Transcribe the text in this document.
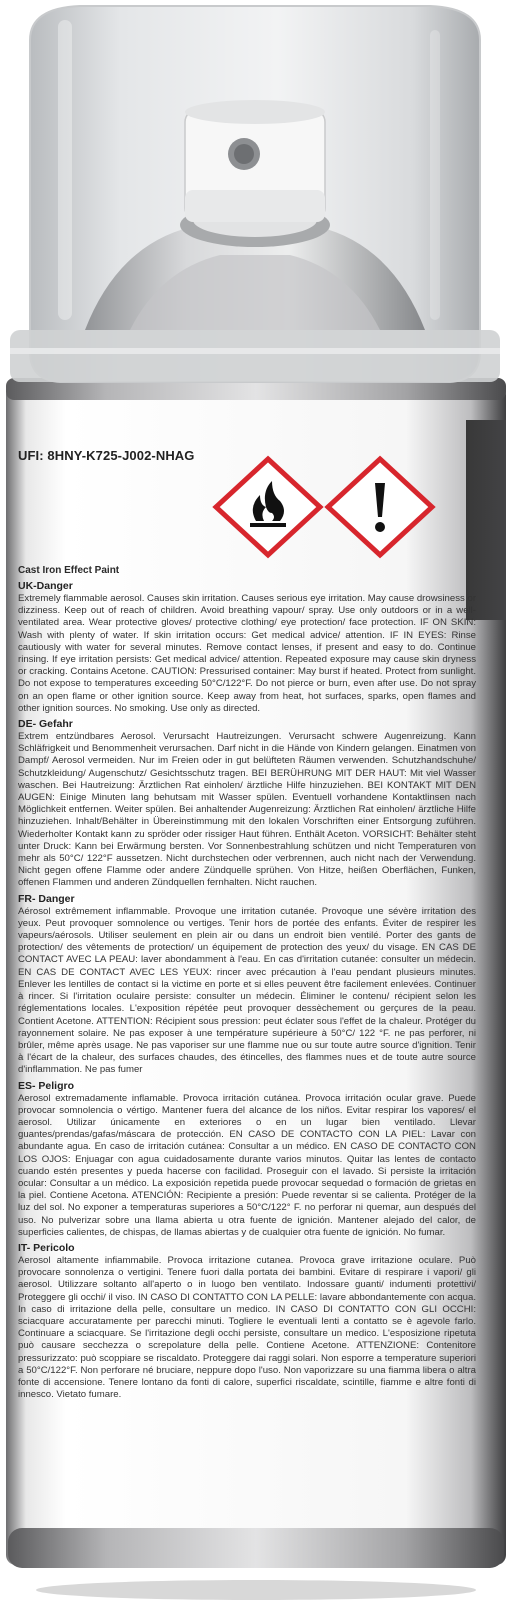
UFI: 8HNY-K725-J002-NHAG
Cast Iron Effect Paint
UK-Danger
Extremely flammable aerosol. Causes skin irritation. Causes serious eye irritation. May cause drowsiness or dizziness. Keep out of reach of children. Avoid breathing vapour/ spray. Use only outdoors or in a well-ventilated area. Wear protective gloves/ protective clothing/ eye protection/ face protection. IF ON SKIN: Wash with plenty of water. If skin irritation occurs: Get medical advice/ attention. IF IN EYES: Rinse cautiously with water for several minutes. Remove contact lenses, if present and easy to do. Continue rinsing. If eye irritation persists: Get medical advice/ attention. Repeated exposure may cause skin dryness or cracking. Contains Acetone. CAUTION: Pressurised container: May burst if heated. Protect from sunlight. Do not expose to temperatures exceeding 50°C/122°F. Do not pierce or burn, even after use. Do not spray on an open flame or other ignition source. Keep away from heat, hot surfaces, sparks, open flames and other ignition sources. No smoking. Use only as directed.
DE- Gefahr
Extrem entzündbares Aerosol. Verursacht Hautreizungen. Verursacht schwere Augenreizung. Kann Schläfrigkeit und Benommenheit verursachen. Darf nicht in die Hände von Kindern gelangen. Einatmen von Dampf/ Aerosol vermeiden. Nur im Freien oder in gut belüfteten Räumen verwenden. Schutzhandschuhe/ Schutzkleidung/ Augenschutz/ Gesichtsschutz tragen. BEI BERÜHRUNG MIT DER HAUT: Mit viel Wasser waschen. Bei Hautreizung: Ärztlichen Rat einholen/ ärztliche Hilfe hinzuziehen. BEI KONTAKT MIT DEN AUGEN: Einige Minuten lang behutsam mit Wasser spülen. Eventuell vorhandene Kontaktlinsen nach Möglichkeit entfernen. Weiter spülen. Bei anhaltender Augenreizung: Ärztlichen Rat einholen/ ärztliche Hilfe hinzuziehen. Inhalt/Behälter in Übereinstimmung mit den lokalen Vorschriften einer Entsorgung zuführen. Wiederholter Kontakt kann zu spröder oder rissiger Haut führen. Enthält Aceton. VORSICHT: Behälter steht unter Druck: Kann bei Erwärmung bersten. Vor Sonnenbestrahlung schützen und nicht Temperaturen von mehr als 50°C/ 122°F aussetzen. Nicht durchstechen oder verbrennen, auch nicht nach der Verwendung. Nicht gegen offene Flamme oder andere Zündquelle sprühen. Von Hitze, heißen Oberflächen, Funken, offenen Flammen und anderen Zündquellen fernhalten. Nicht rauchen.
FR- Danger
Aérosol extrêmement inflammable. Provoque une irritation cutanée. Provoque une sévère irritation des yeux. Peut provoquer somnolence ou vertiges. Tenir hors de portée des enfants. Éviter de respirer les vapeurs/aérosols. Utiliser seulement en plein air ou dans un endroit bien ventilé. Porter des gants de protection/ des vêtements de protection/ un équipement de protection des yeux/ du visage. EN CAS DE CONTACT AVEC LA PEAU: laver abondamment à l'eau. En cas d'irritation cutanée: consulter un médecin. EN CAS DE CONTACT AVEC LES YEUX: rincer avec précaution à l'eau pendant plusieurs minutes. Enlever les lentilles de contact si la victime en porte et si elles peuvent être facilement enlevées. Continuer à rincer. Si l'irritation oculaire persiste: consulter un médecin. Éliminer le contenu/ récipient selon les réglementations locales. L'exposition répétée peut provoquer dessèchement ou gerçures de la peau. Contient Acetone. ATTENTION: Récipient sous pression: peut éclater sous l'effet de la chaleur. Protéger du rayonnement solaire. Ne pas exposer à une température supérieure à 50°C/ 122 °F. ne pas perforer, ni brûler, même après usage. Ne pas vaporiser sur une flamme nue ou sur toute autre source d'ignition. Tenir à l'écart de la chaleur, des surfaces chaudes, des étincelles, des flammes nues et de toute autre source d'inflammation. Ne pas fumer
ES- Peligro
Aerosol extremadamente inflamable. Provoca irritación cutánea. Provoca irritación ocular grave. Puede provocar somnolencia o vértigo. Mantener fuera del alcance de los niños. Evitar respirar los vapores/ el aerosol. Utilizar únicamente en exteriores o en un lugar bien ventilado. Llevar guantes/prendas/gafas/máscara de protección. EN CASO DE CONTACTO CON LA PIEL: Lavar con abundante agua. En caso de irritación cutánea: Consultar a un médico. EN CASO DE CONTACTO CON LOS OJOS: Enjuagar con agua cuidadosamente durante varios minutos. Quitar las lentes de contacto cuando estén presentes y pueda hacerse con facilidad. Proseguir con el lavado. Si persiste la irritación ocular: Consultar a un médico. La exposición repetida puede provocar sequedad o formación de grietas en la piel. Contiene Acetona. ATENCIÓN: Recipiente a presión: Puede reventar si se calienta. Protéger de la luz del sol. No exponer a temperaturas superiores a 50°C/122° F. no perforar ni quemar, aun después del uso. No pulverizar sobre una llama abierta u otra fuente de ignición. Mantener alejado del calor, de superficies calientes, de chispas, de llamas abiertas y de cualquier otra fuente de ignición. No fumar.
IT- Pericolo
Aerosol altamente infiammabile. Provoca irritazione cutanea. Provoca grave irritazione oculare. Può provocare sonnolenza o vertigini. Tenere fuori dalla portata dei bambini. Evitare di respirare i vapori/ gli aerosol. Utilizzare soltanto all'aperto o in luogo ben ventilato. Indossare guanti/ indumenti protettivi/ Proteggere gli occhi/ il viso. IN CASO DI CONTATTO CON LA PELLE: lavare abbondantemente con acqua. In caso di irritazione della pelle, consultare un medico. IN CASO DI CONTATTO CON GLI OCCHI: sciacquare accuratamente per parecchi minuti. Togliere le eventuali lenti a contatto se è agevole farlo. Continuare a sciacquare. Se l'irritazione degli occhi persiste, consultare un medico. L'esposizione ripetuta può causare secchezza o screpolature della pelle. Contiene Acetone. ATTENZIONE: Contenitore pressurizzato: può scoppiare se riscaldato. Proteggere dai raggi solari. Non esporre a temperature superiori a 50°C/122°F. Non perforare né bruciare, neppure dopo l'uso. Non vaporizzare su una fiamma libera o altra fonte di accensione. Tenere lontano da fonti di calore, superfici riscaldate, scintille, fiamme e altre fonti di innesco. Vietato fumare.
